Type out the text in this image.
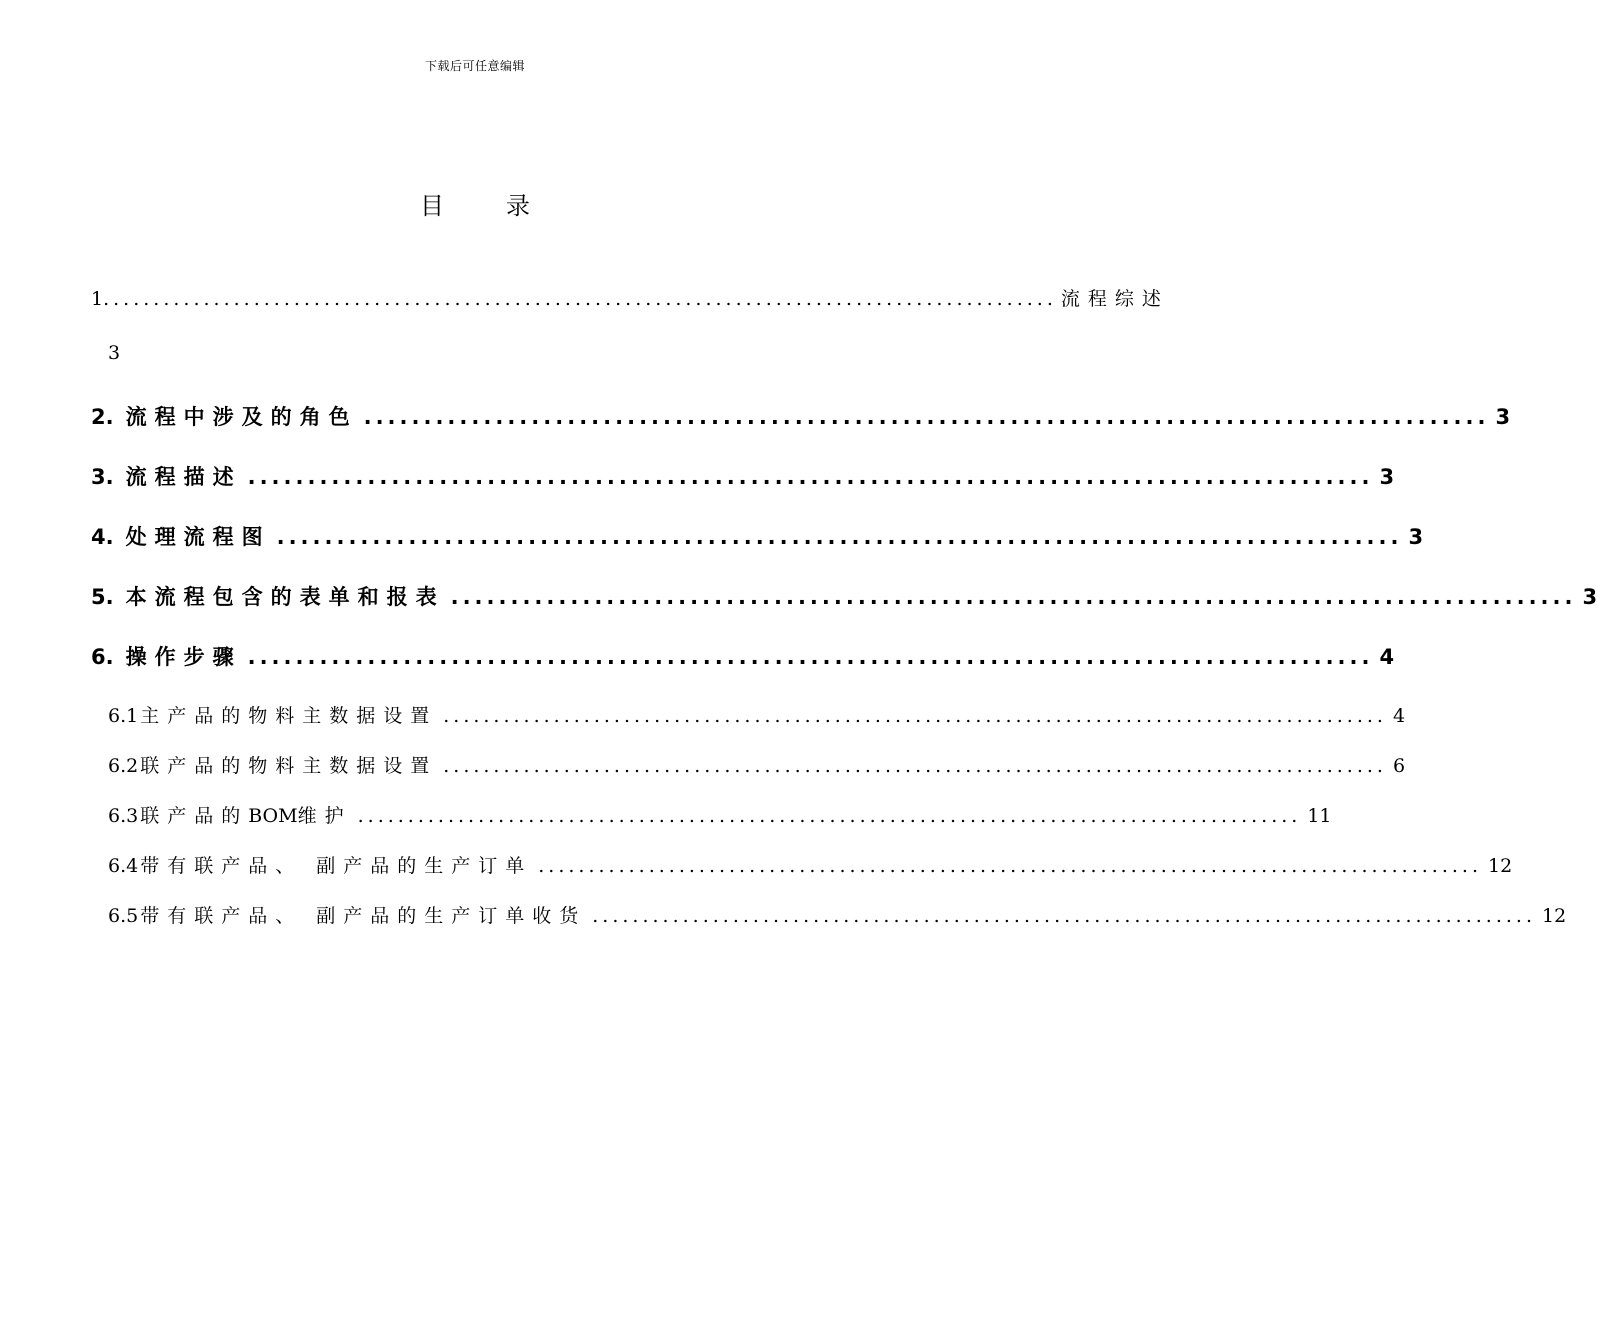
下载后可任意编辑
目	录
1. .............................................................................................. 流程综述
3
2. 流程中涉及的角色 .............................................................................................. 3
3. 流程描述 .............................................................................................. 3
4. 处理流程图 .............................................................................................. 3
5. 本流程包含的表单和报表 .............................................................................................. 3
6. 操作步骤 .............................................................................................. 4
6.1 主产品的物料主数据设置 .............................................................................................. 4
6.2 联产品的物料主数据设置 .............................................................................................. 6
6.3 联产品的BOM维护 .............................................................................................. 11
6.4 带有联产品、 副产品的生产订单 .............................................................................................. 12
6.5 带有联产品、 副产品的生产订单收货 .............................................................................................. 12
